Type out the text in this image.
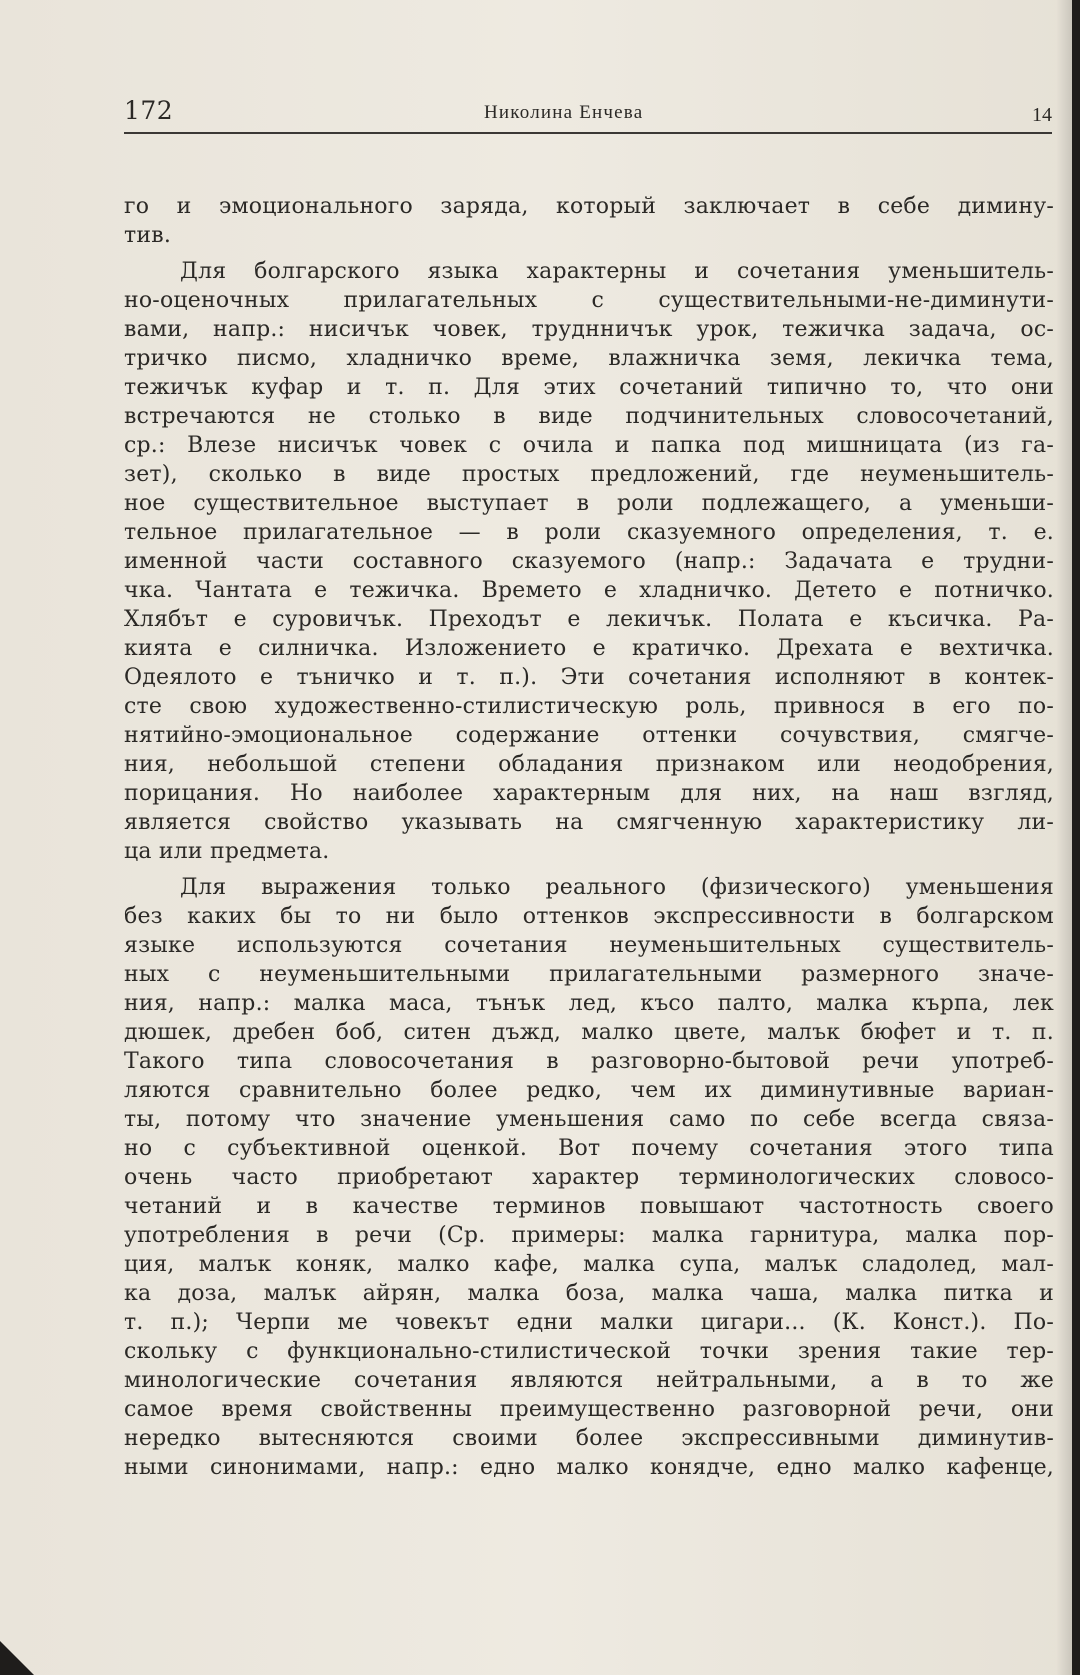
172	Николина Енчева	14
го и эмоционального заряда, который заключает в себе димину-
тив.
Для болгарского языка характерны и сочетания уменьшитель-
но-оценочных прилагательных с существительными-не-диминути-
вами, напр.: нисичък човек, труднничък урок, тежичка задача, ос-
тричко писмо, хладничко време, влажничка земя, лекичка тема,
тежичък куфар и т. п. Для этих сочетаний типично то, что они
встречаются не столько в виде подчинительных словосочетаний,
ср.: Влезе нисичък човек с очила и папка под мишницата (из га-
зет), сколько в виде простых предложений, где неуменьшитель-
ное существительное выступает в роли подлежащего, а уменьши-
тельное прилагательное — в роли сказуемного определения, т. е.
именной части составного сказуемого (напр.: Задачата е трудни-
чка. Чантата е тежичка. Времето е хладничко. Детето е потничко.
Хлябът е суровичък. Преходът е лекичък. Полата е късичка. Ра-
кията е силничка. Изложението е кратичко. Дрехата е вехтичка.
Одеялото е тъничко и т. п.). Эти сочетания исполняют в контек-
сте свою художественно-стилистическую роль, привнося в его по-
нятийно-эмоциональное содержание оттенки сочувствия, смягче-
ния, небольшой степени обладания признаком или неодобрения,
порицания. Но наиболее характерным для них, на наш взгляд,
является свойство указывать на смягченную характеристику ли-
ца или предмета.
Для выражения только реального (физического) уменьшения
без каких бы то ни было оттенков экспрессивности в болгарском
языке используются сочетания неуменьшительных существитель-
ных с неуменьшительными прилагательными размерного значе-
ния, напр.: малка маса, тънък лед, късо палто, малка кърпа, лек
дюшек, дребен боб, ситен дъжд, малко цвете, малък бюфет и т. п.
Такого типа словосочетания в разговорно-бытовой речи употреб-
ляются сравнительно более редко, чем их диминутивные вариан-
ты, потому что значение уменьшения само по себе всегда связа-
но с субъективной оценкой. Вот почему сочетания этого типа
очень часто приобретают характер терминологических словосо-
четаний и в качестве терминов повышают частотность своего
употребления в речи (Ср. примеры: малка гарнитура, малка пор-
ция, малък коняк, малко кафе, малка супа, малък сладолед, мал-
ка доза, малък айрян, малка боза, малка чаша, малка питка и
т. п.); Черпи ме човекът едни малки цигари... (К. Конст.). По-
скольку с функционально-стилистической точки зрения такие тер-
минологические сочетания являются нейтральными, а в то же
самое время свойственны преимущественно разговорной речи, они
нередко вытесняются своими более экспрессивными диминутив-
ными синонимами, напр.: едно малко конядче, едно малко кафенце,
